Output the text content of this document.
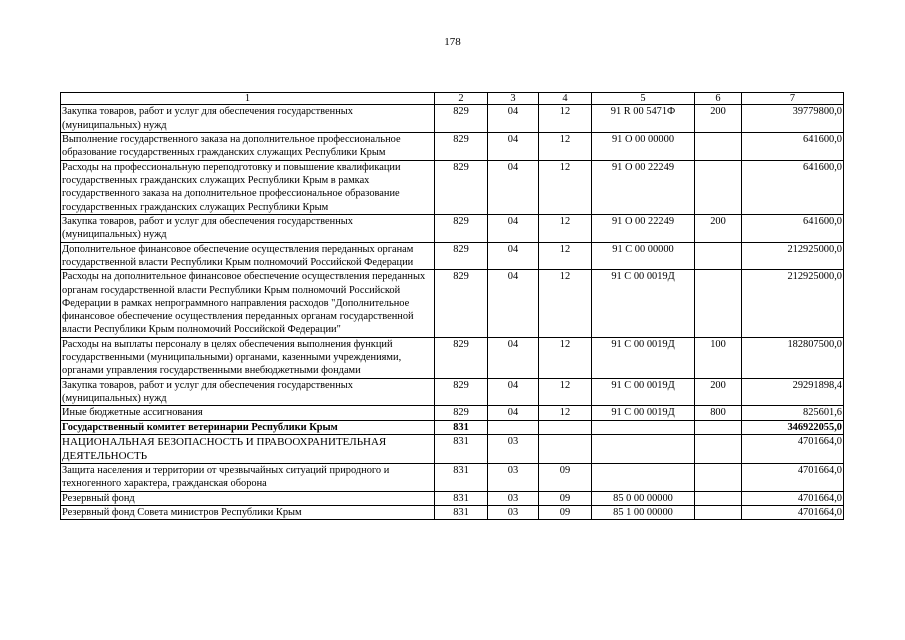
178
1	2	3	4	5	6	7
Закупка товаров, работ и услуг для обеспечения государственных (муниципальных) нужд	829	04	12	91 R 00 5471Ф	200	39779800,0
Выполнение государственного заказа на дополнительное профессиональное образование государственных гражданских служащих Республики Крым	829	04	12	91 О 00 00000		641600,0
Расходы на профессиональную переподготовку и повышение квалификации государственных гражданских служащих Республики Крым в рамках государственного заказа на дополнительное профессиональное образование государственных гражданских служащих Республики Крым	829	04	12	91 О 00 22249		641600,0
Закупка товаров, работ и услуг для обеспечения государственных (муниципальных) нужд	829	04	12	91 О 00 22249	200	641600,0
Дополнительное финансовое обеспечение осуществления переданных органам государственной власти Республики Крым полномочий Российской Федерации	829	04	12	91 С 00 00000		212925000,0
Расходы на дополнительное финансовое обеспечение осуществления переданных органам государственной власти Республики Крым полномочий Российской Федерации в рамках непрограммного направления расходов "Дополнительное финансовое обеспечение осуществления переданных органам государственной власти Республики Крым полномочий Российской Федерации"	829	04	12	91 С 00 0019Д		212925000,0
Расходы на выплаты персоналу в целях обеспечения выполнения функций государственными (муниципальными) органами, казенными учреждениями, органами управления государственными внебюджетными фондами	829	04	12	91 С 00 0019Д	100	182807500,0
Закупка товаров, работ и услуг для обеспечения государственных (муниципальных) нужд	829	04	12	91 С 00 0019Д	200	29291898,4
Иные бюджетные ассигнования	829	04	12	91 С 00 0019Д	800	825601,6
Государственный комитет ветеринарии Республики Крым	831					346922055,0
НАЦИОНАЛЬНАЯ БЕЗОПАСНОСТЬ И ПРАВООХРАНИТЕЛЬНАЯ ДЕЯТЕЛЬНОСТЬ	831	03				4701664,0
Защита населения и территории от чрезвычайных ситуаций природного и техногенного характера, гражданская оборона	831	03	09			4701664,0
Резервный фонд	831	03	09	85 0 00 00000		4701664,0
Резервный фонд Совета министров Республики Крым	831	03	09	85 1 00 00000		4701664,0
